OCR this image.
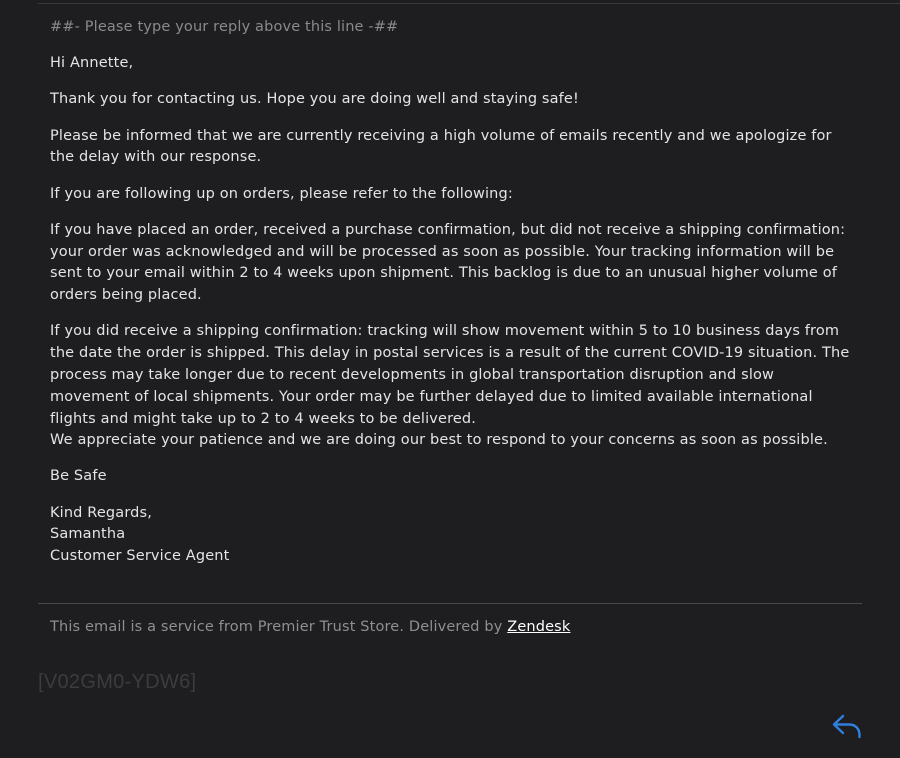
##- Please type your reply above this line -##

Hi Annette,

Thank you for contacting us. Hope you are doing well and staying safe!

Please be informed that we are currently receiving a high volume of emails recently and we apologize for the delay with our response.

If you are following up on orders, please refer to the following:

If you have placed an order, received a purchase confirmation, but did not receive a shipping confirmation: your order was acknowledged and will be processed as soon as possible. Your tracking information will be sent to your email within 2 to 4 weeks upon shipment. This backlog is due to an unusual higher volume of orders being placed.

If you did receive a shipping confirmation: tracking will show movement within 5 to 10 business days from the date the order is shipped. This delay in postal services is a result of the current COVID-19 situation. The process may take longer due to recent developments in global transportation disruption and slow movement of local shipments. Your order may be further delayed due to limited available international flights and might take up to 2 to 4 weeks to be delivered.
We appreciate your patience and we are doing our best to respond to your concerns as soon as possible.

Be Safe

Kind Regards,
Samantha
Customer Service Agent

This email is a service from Premier Trust Store. Delivered by Zendesk
[V02GM0-YDW6]
